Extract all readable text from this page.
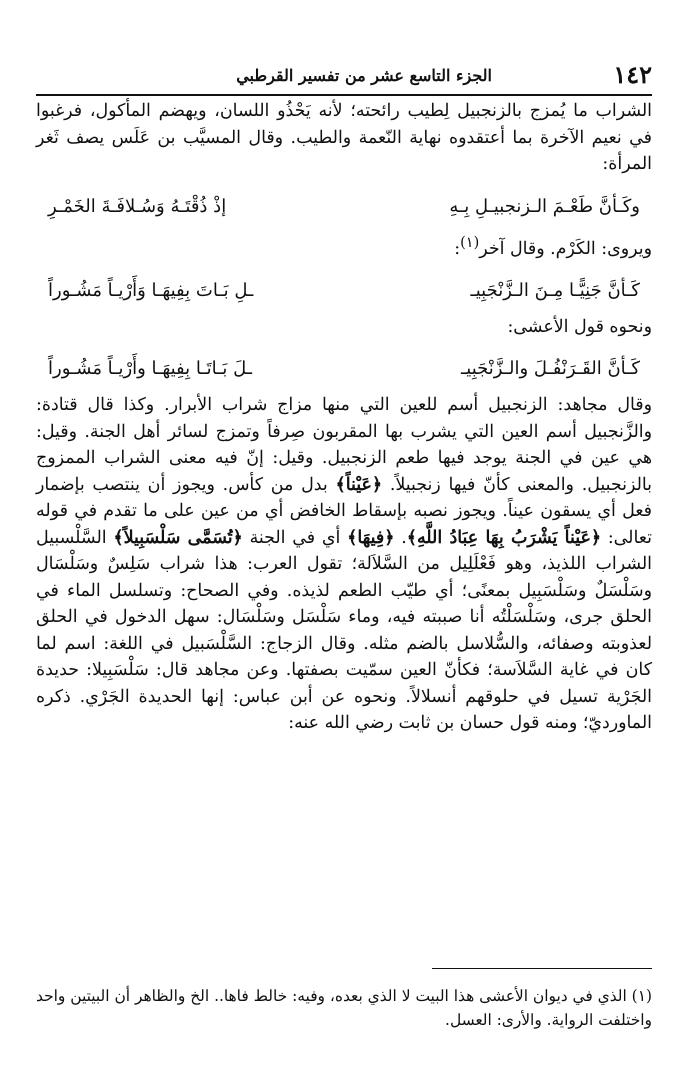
١٤٢
الجزء التاسع عشر من تفسير القرطبي

الشراب ما يُمزج بالزنجبيل لِطيب رائحته؛ لأنه يَحْذُو اللسان، ويهضم المأكول، فرغبوا في نعيم الآخرة بما أعتقدوه نهاية النّعمة والطيب. وقال المسيَّب بن عَلَس يصف ثَغر المرأة:

وكَـأنَّ طَعْـمَ الـزنجبيـلِ بِـهِ
إذْ ذُقْتَـهُ وَسُـلافَـةَ الخَمْـرِ

ويروى: الكَرْم. وقال آخر$^{(١)}$:

كَـأنَّ جَنِيًّـا مِـنَ الـزَّنْجَبِيـ
ـلِ بَـاتَ بِفِيهَـا وَأَرْيـاً مَشُـوراً

ونحوه قول الأعشى:

كَـأنَّ القَـرَنْفُـلَ والـزَّنْجَبِيـ
ـلَ بَـاتَـا بِفِيهَـا وأَرْيـاً مَشُـوراً

وقال مجاهد: الزنجبيل أسم للعين التي منها مزاج شراب الأبرار. وكذا قال قتادة: والزَّنجبيل أسم العين التي يشرب بها المقربون صِرفاً وتمزج لسائر أهل الجنة. وقيل: هي عين في الجنة يوجد فيها طعم الزنجبيل. وقيل: إنّ فيه معنى الشراب الممزوج بالزنجبيل. والمعنى كأنّ فيها زنجبيلاً. ﴿عَيْناً﴾ بدل من كأس. ويجوز أن ينتصب بإضمار فعل أي يسقون عيناً. ويجوز نصبه بإسقاط الخافض أي من عين على ما تقدم في قوله تعالى: ﴿عَيْناً يَشْرَبُ بِهَا عِبَادُ اللَّهِ﴾. ﴿فِيهَا﴾ أي في الجنة ﴿تُسَمَّى سَلْسَبِيلاً﴾ السَّلْسبيل الشراب اللذيذ، وهو فَعْلَلِيل من السَّلاَلة؛ تقول العرب: هذا شراب سَلِسٌ وسَلْسَال وسَلْسَلٌ وسَلْسَبِيل بمعنًى؛ أي طيّب الطعم لذيذه. وفي الصحاح: وتسلسل الماء في الحلق جرى، وسَلْسَلْتُه أنا صببته فيه، وماء سَلْسَل وسَلْسَال: سهل الدخول في الحلق لعذوبته وصفائه، والسُّلاسل بالضم مثله. وقال الزجاج: السَّلْسَبيل في اللغة: اسم لما كان في غاية السَّلاَسة؛ فكأنّ العين سمّيت بصفتها. وعن مجاهد قال: سَلْسَبِيلا: حديدة الجَرْية تسيل في حلوقهم أنسلالاً. ونحوه عن أبن عباس: إنها الحديدة الجَرْي. ذكره الماورديّ؛ ومنه قول حسان بن ثابت رضي الله عنه:

(١) الذي في ديوان الأعشى هذا البيت لا الذي بعده، وفيه: خالط فاها.. الخ والظاهر أن البيتين واحد واختلفت الرواية. والأرى: العسل.
